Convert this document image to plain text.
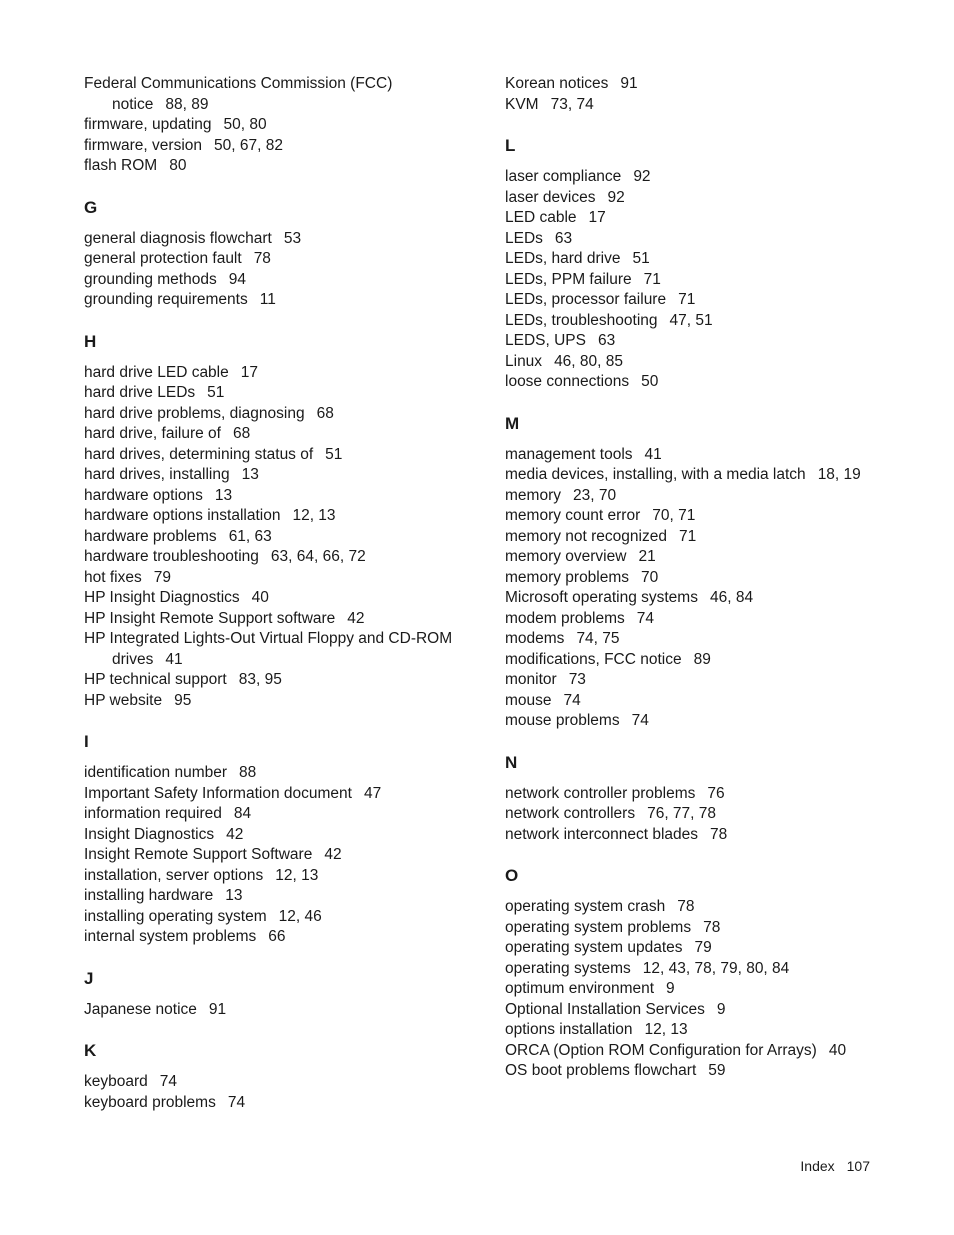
Federal Communications Commission (FCC)
notice 88, 89
firmware, updating 50, 80
firmware, version 50, 67, 82
flash ROM 80
G
general diagnosis flowchart 53
general protection fault 78
grounding methods 94
grounding requirements 11
H
hard drive LED cable 17
hard drive LEDs 51
hard drive problems, diagnosing 68
hard drive, failure of 68
hard drives, determining status of 51
hard drives, installing 13
hardware options 13
hardware options installation 12, 13
hardware problems 61, 63
hardware troubleshooting 63, 64, 66, 72
hot fixes 79
HP Insight Diagnostics 40
HP Insight Remote Support software 42
HP Integrated Lights-Out Virtual Floppy and CD-ROM
drives 41
HP technical support 83, 95
HP website 95
I
identification number 88
Important Safety Information document 47
information required 84
Insight Diagnostics 42
Insight Remote Support Software 42
installation, server options 12, 13
installing hardware 13
installing operating system 12, 46
internal system problems 66
J
Japanese notice 91
K
keyboard 74
keyboard problems 74
Korean notices 91
KVM 73, 74
L
laser compliance 92
laser devices 92
LED cable 17
LEDs 63
LEDs, hard drive 51
LEDs, PPM failure 71
LEDs, processor failure 71
LEDs, troubleshooting 47, 51
LEDS, UPS 63
Linux 46, 80, 85
loose connections 50
M
management tools 41
media devices, installing, with a media latch 18, 19
memory 23, 70
memory count error 70, 71
memory not recognized 71
memory overview 21
memory problems 70
Microsoft operating systems 46, 84
modem problems 74
modems 74, 75
modifications, FCC notice 89
monitor 73
mouse 74
mouse problems 74
N
network controller problems 76
network controllers 76, 77, 78
network interconnect blades 78
O
operating system crash 78
operating system problems 78
operating system updates 79
operating systems 12, 43, 78, 79, 80, 84
optimum environment 9
Optional Installation Services 9
options installation 12, 13
ORCA (Option ROM Configuration for Arrays) 40
OS boot problems flowchart 59
Index 107
